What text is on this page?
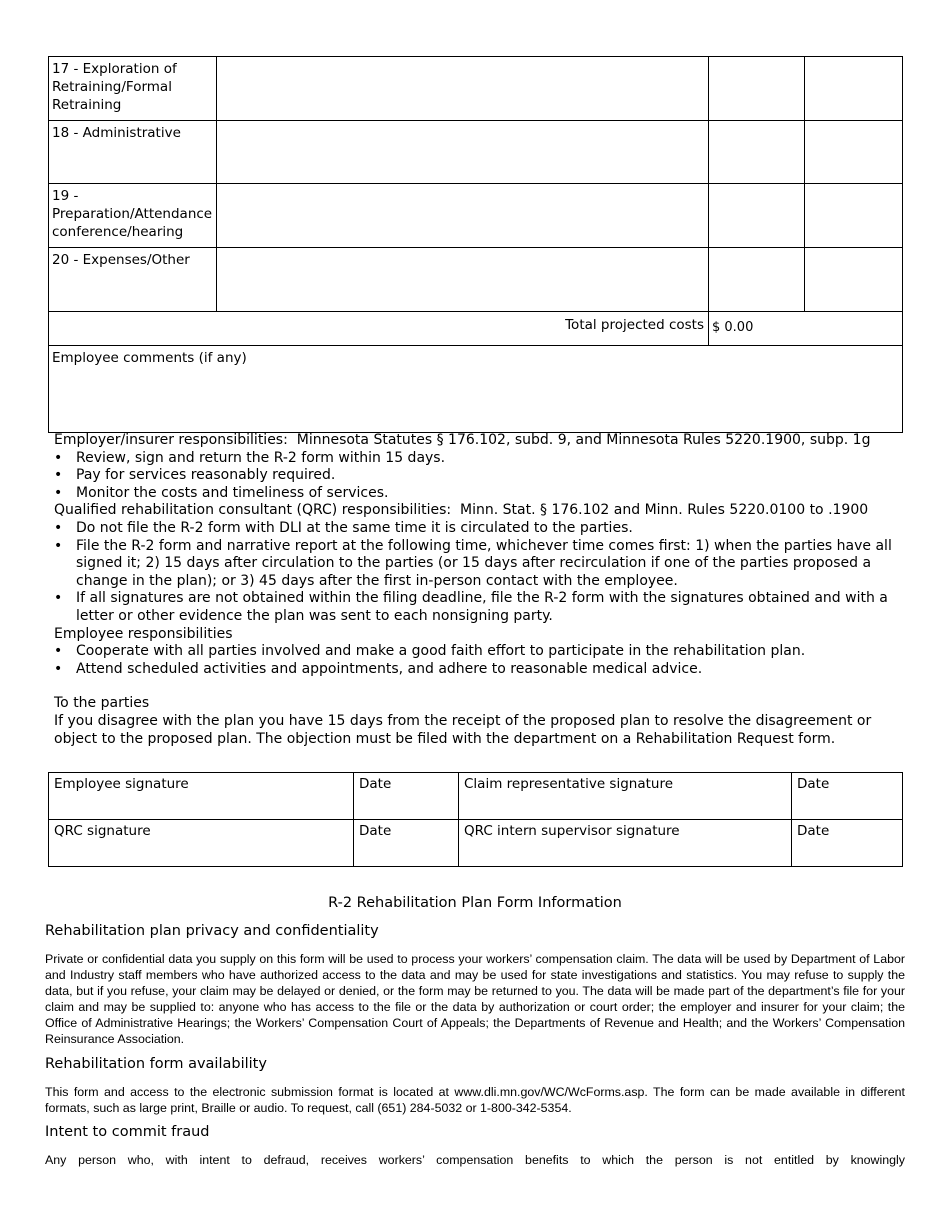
17 - Exploration of Retraining/Formal Retraining			
18 - Administrative			
19 - Preparation/Attendance conference/hearing			
20 - Expenses/Other			
Total projected costs		$ 0.00	
Employee comments (if any)			
Employer/insurer responsibilities: Minnesota Statutes § 176.102, subd. 9, and Minnesota Rules 5220.1900, subp. 1g
• Review, sign and return the R-2 form within 15 days.
• Pay for services reasonably required.
• Monitor the costs and timeliness of services.
Qualified rehabilitation consultant (QRC) responsibilities: Minn. Stat. § 176.102 and Minn. Rules 5220.0100 to .1900
• Do not file the R-2 form with DLI at the same time it is circulated to the parties.
• File the R-2 form and narrative report at the following time, whichever time comes first: 1) when the parties have all signed it; 2) 15 days after circulation to the parties (or 15 days after recirculation if one of the parties proposed a change in the plan); or 3) 45 days after the first in-person contact with the employee.
• If all signatures are not obtained within the filing deadline, file the R-2 form with the signatures obtained and with a letter or other evidence the plan was sent to each nonsigning party.
Employee responsibilities
• Cooperate with all parties involved and make a good faith effort to participate in the rehabilitation plan.
• Attend scheduled activities and appointments, and adhere to reasonable medical advice.
To the parties
If you disagree with the plan you have 15 days from the receipt of the proposed plan to resolve the disagreement or object to the proposed plan. The objection must be filed with the department on a Rehabilitation Request form.
Employee signature	Date	Claim representative signature	Date
QRC signature	Date	QRC intern supervisor signature	Date
R-2 Rehabilitation Plan Form Information
Rehabilitation plan privacy and confidentiality
Private or confidential data you supply on this form will be used to process your workers’ compensation claim. The data will be used by Department of Labor and Industry staff members who have authorized access to the data and may be used for state investigations and statistics. You may refuse to supply the data, but if you refuse, your claim may be delayed or denied, or the form may be returned to you. The data will be made part of the department’s file for your claim and may be supplied to: anyone who has access to the file or the data by authorization or court order; the employer and insurer for your claim; the Office of Administrative Hearings; the Workers’ Compensation Court of Appeals; the Departments of Revenue and Health; and the Workers’ Compensation Reinsurance Association.
Rehabilitation form availability
This form and access to the electronic submission format is located at www.dli.mn.gov/WC/WcForms.asp. The form can be made available in different formats, such as large print, Braille or audio. To request, call (651) 284-5032 or 1-800-342-5354.
Intent to commit fraud
Any person who, with intent to defraud, receives workers’ compensation benefits to which the person is not entitled by knowingly
